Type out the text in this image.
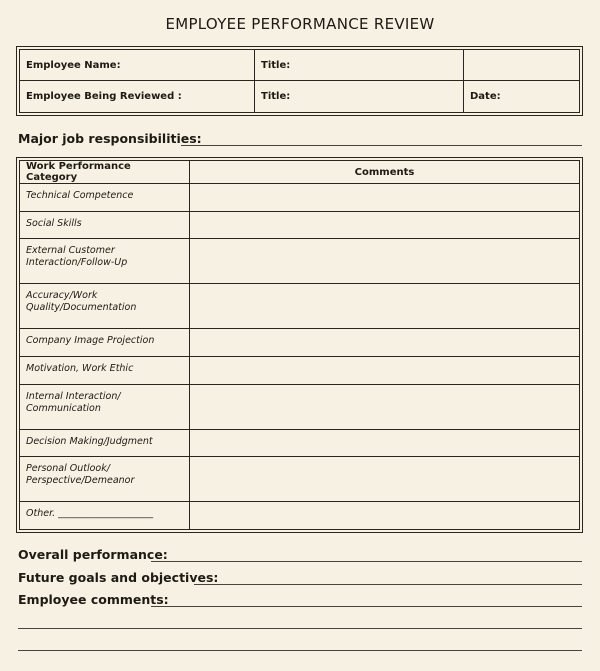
EMPLOYEE PERFORMANCE REVIEW
Employee Name:	Title:	
Employee Being Reviewed :	Title:	Date:
Major job responsibilities:
Work Performance Category	Comments
Technical Competence	
Social Skills	
External Customer Interaction/Follow-Up	
Accuracy/Work Quality/Documentation	
Company Image Projection	
Motivation, Work Ethic	
Internal Interaction/ Communication	
Decision Making/Judgment	
Personal Outlook/ Perspective/Demeanor	
Other. ____________________	
Overall performance:
Future goals and objectives:
Employee comments:
